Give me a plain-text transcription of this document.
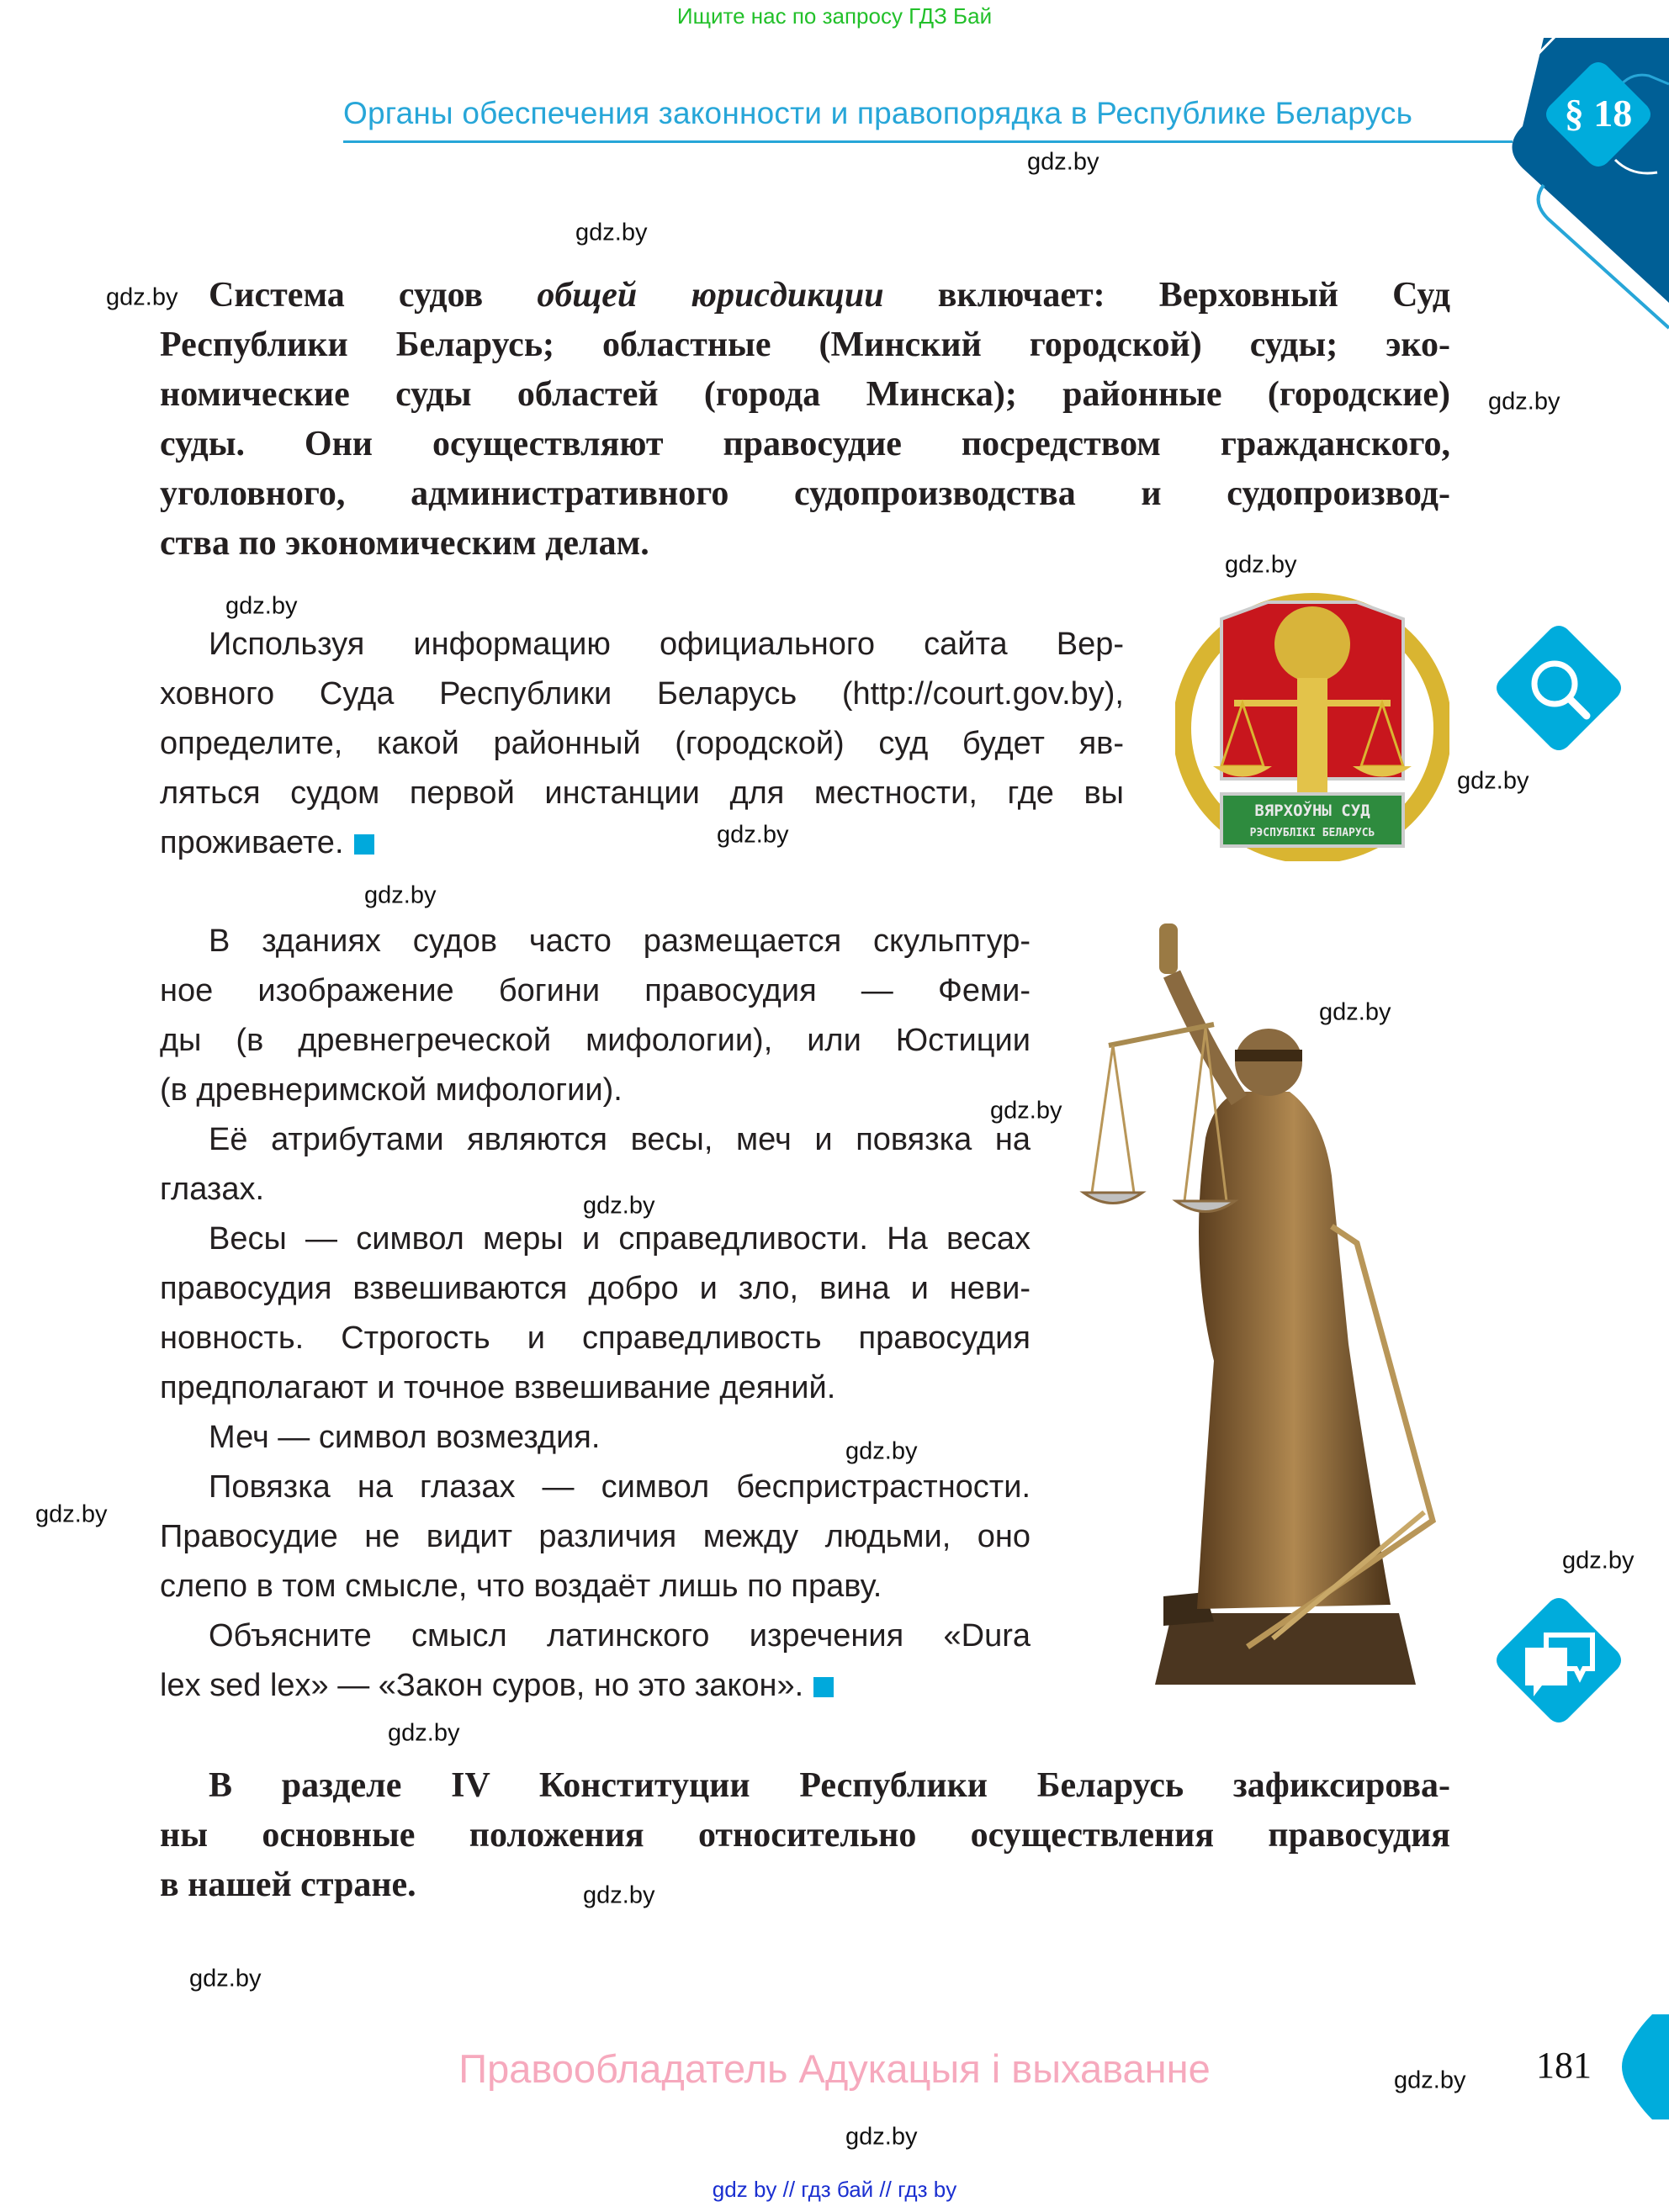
Ищите нас по запросу ГДЗ Бай
Органы обеспечения законности и правопорядка в Республике Беларусь	§ 18
gdz.by
gdz.by
gdz.by
gdz.by
gdz.by
gdz.by
gdz.by
gdz.by
gdz.by
gdz.by
gdz.by
gdz.by
gdz.by
gdz.by
gdz.by
gdz.by
gdz.by
gdz.by
gdz.by
gdz.by
Система судов общей юрисдикции включает: Верховный Суд
Республики Беларусь; областные (Минский городской) суды; эко-
номические суды областей (города Минска); районные (городские)
суды. Они осуществляют правосудие посредством гражданского,
уголовного, административного судопроизводства и судопроизвод-
ства по экономическим делам.
Используя информацию официального сайта Вер-
ховного Суда Республики Беларусь (http://court.gov.by),
определите, какой районный (городской) суд будет яв-
ляться судом первой инстанции для местности, где вы
проживаете.
ВЯРХОЎНЫ СУД
РЭСПУБЛІКІ БЕЛАРУСЬ
В зданиях судов часто размещается скульптур-
ное изображение богини правосудия — Феми-
ды (в древнегреческой мифологии), или Юстиции
(в древнеримской мифологии).
Её атрибутами являются весы, меч и повязка на
глазах.
Весы — символ меры и справедливости. На весах
правосудия взвешиваются добро и зло, вина и неви-
новность. Строгость и справедливость правосудия
предполагают и точное взвешивание деяний.
Меч — символ возмездия.
Повязка на глазах — символ беспристрастности.
Правосудие не видит различия между людьми, оно
слепо в том смысле, что воздаёт лишь по праву.
Объясните смысл латинского изречения «Dura
lex sed lex» — «Закон суров, но это закон».
В разделе IV Конституции Республики Беларусь зафиксирова-
ны основные положения относительно осуществления правосудия
в нашей стране.
Правообладатель Адукацыя і выхаванне	181
gdz by // гдз бай // гдз by
